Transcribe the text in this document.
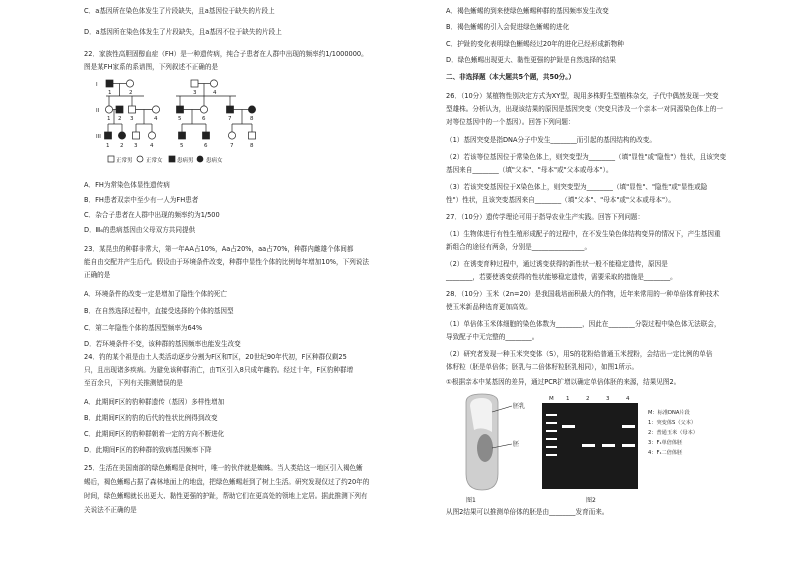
C．a基因所在染色体发生了片段缺失，且a基因位于缺失的片段上
D．a基因所在染色体发生了片段缺失，且a基因不位于缺失的片段上
22．家族性高胆固醇血症（FH）是一种遗传病，纯合子患者在人群中出现的频率约1/1000000。
图是某FH家系的系谱图，下列叙述不正确的是
A．FH为常染色体显性遗传病
B．FH患者双亲中至少有一人为FH患者
C．杂合子患者在人群中出现的频率约为1/500
D．Ⅲ₆的患病基因由父母双方共同提供
23．某昆虫的种群非常大，第一年AA占10%，Aa占20%，aa占70%，种群内雌雄个体间都
能自由交配并产生后代。假设由于环境条件改变，种群中显性个体的比例每年增加10%，下列说法
正确的是
A．环境条件的改变一定是增加了隐性个体的死亡
B．在自然选择过程中，直接受选择的个体的基因型
C．第二年隐性个体的基因型频率为64%
D．若环境条件不变，该种群的基因频率也能发生改变
24．钓的某个祖是由土人类活动逐步分割为F区和T区，20世纪90年代初，F区种群仅剩25
只，且出现诸多疾病。为避免该种群消亡，由T区引入8只成年雌豹。经过十年，F区豹种群增
至百余只，下列有关推测错误的是
A．此期间F区的豹种群遗传（基因）多样性增加
B．此期间F区的豹的后代的性状比例得到改变
C．此期间F区的豹种群朝着一定的方向不断进化
D．此期间F区的豹种群的致病基因频率下降
25．生活在美国南部的绿色蜥蜴是食树叶，唯一的伙伴就是蜘蛛。当人类给这一地区引入褐色蜥
蜴后，褐色蜥蜴占据了森林地面上的地盘，把绿色蜥蜴赶到了树上生活。研究发现仅过了约20年的
时间，绿色蜥蜴就长出更大、黏性更强的护趾，帮助它们在更高处的领地上定居。据此推测下列有
关说法不正确的是
I
II
III
1	2	3	4
1 2 3	4	5	6	7	8
1 2 3 4	5	6	7	8
正常男 正常女	患病男 患病女
A．褐色蜥蜴的到来使绿色蜥蜴种群的基因频率发生改变
B．褐色蜥蜴的引入会促进绿色蜥蜴的进化
C．护趾的变化表明绿色蜥蜴经过20年的进化已经形成新物种
D．绿色蜥蜴出现更大、黏性更强的护趾是自然选择的结果
二、非选择题（本大题共5个题，共50分。）
26．（10分）某植物性别决定方式为XY型，现用多株野生型植株杂交，子代中偶然发现一突变
型雄株。分析认为，出现该结果的原因是基因突变（突变只涉及一个亲本一对同源染色体上的一
对等位基因中的一个基因）。回答下列问题：
（1）基因突变是指DNA分子中发生________而引起的基因结构的改变。
（2）若该等位基因位于常染色体上，则突变型为________（填"显性"或"隐性"）性状，且该突变
基因来自________（填"父本"、"母本"或"父本或母本"）。
（3）若该突变基因位于X染色体上，则突变型为________（填"显性"、"隐性"或"显性或隐
性"）性状，且该突变基因来自________（填"父本"、"母本"或"父本或母本"）。
27．（10分）遗传学理论可用于指导农业生产实践。回答下列问题：
（1）生物体进行有性生殖形成配子的过程中，在不发生染色体结构变异的情况下，产生基因重
新组合的途径有两条，分别是________________。
（2）在诱变育种过程中，通过诱变获得的新性状一般不能稳定遗传，原因是
________，若要使诱变获得的性状能够稳定遗传，需要采取的措施是________。
28．（10分）玉米（2n=20）是我国栽培面积最大的作物，近年来常用的一种单倍体育种技术
使玉米新品种选育更加高效。
（1）单倍体玉米体细胞的染色体数为________，因此在________分裂过程中染色体无法联会，
导致配子中无完整的________。
（2）研究者发现一种玉米突变体（S），用S的花粉给普通玉米授粉，会结出一定比例的单倍
体籽粒（胚是单倍体；胚乳与二倍体籽粒胚乳相同），如图1所示。
①根据亲本中某基因的差异，通过PCR扩增以确定单倍体胚的来源，结果见图2。
从图2结果可以推测单倍体的胚是由________发育而来。
胚乳
胚
图1
M 1	2	3	4
M：标准DNA片段
1：突变体S（父本）
2：普通玉米（母本）
3：F₁单倍体胚
4：F₁二倍体胚
图2
